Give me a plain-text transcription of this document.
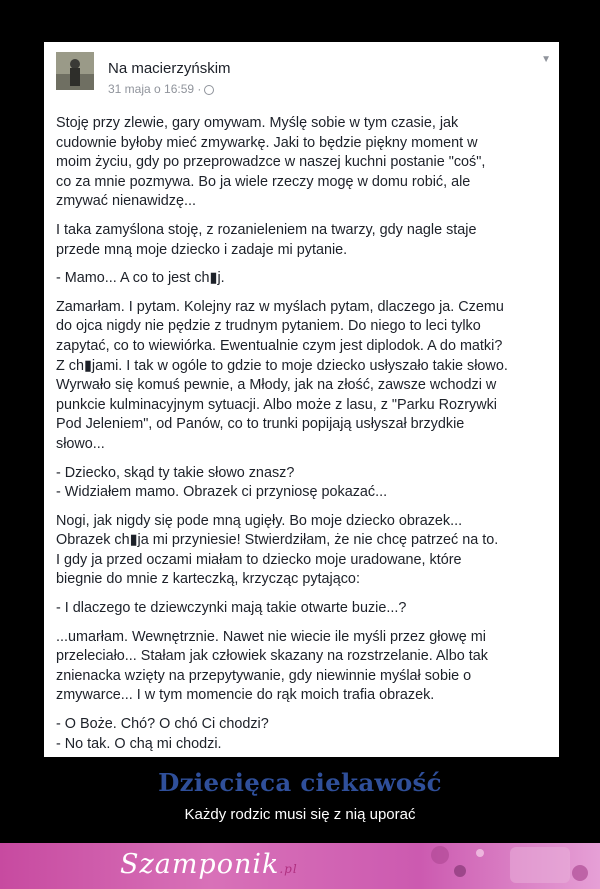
Na macierzyńskim
31 maja o 16:59 ·
▼

Stoję przy zlewie, gary omywam. Myślę sobie w tym czasie, jak
cudownie byłoby mieć zmywarkę. Jaki to będzie piękny moment w
moim życiu, gdy po przeprowadzce w naszej kuchni postanie "coś",
co za mnie pozmywa. Bo ja wiele rzeczy mogę w domu robić, ale
zmywać nienawidzę...

I taka zamyślona stoję, z rozanieleniem na twarzy, gdy nagle staje
przede mną moje dziecko i zadaje mi pytanie.

- Mamo... A co to jest ch▮j.

Zamarłam. I pytam. Kolejny raz w myślach pytam, dlaczego ja. Czemu
do ojca nigdy nie pędzie z trudnym pytaniem. Do niego to leci tylko
zapytać, co to wiewiórka. Ewentualnie czym jest diplodok. A do matki?
Z ch▮jami. I tak w ogóle to gdzie to moje dziecko usłyszało takie słowo.
Wyrwało się komuś pewnie, a Młody, jak na złość, zawsze wchodzi w
punkcie kulminacyjnym sytuacji. Albo może z lasu, z "Parku Rozrywki
Pod Jeleniem", od Panów, co to trunki popijają usłyszał brzydkie
słowo...

- Dziecko, skąd ty takie słowo znasz?
- Widziałem mamo. Obrazek ci przyniosę pokazać...

Nogi, jak nigdy się pode mną ugięły. Bo moje dziecko obrazek...
Obrazek ch▮ja mi przyniesie! Stwierdziłam, że nie chcę patrzeć na to.
I gdy ja przed oczami miałam to dziecko moje uradowane, które
biegnie do mnie z karteczką, krzycząc pytająco:

- I dlaczego te dziewczynki mają takie otwarte buzie...?

...umarłam. Wewnętrznie. Nawet nie wiecie ile myśli przez głowę mi
przeleciało... Stałam jak człowiek skazany na rozstrzelanie. Albo tak
znienacka wzięty na przepytywanie, gdy niewinnie myślał sobie o
zmywarce... I w tym momencie do rąk moich trafia obrazek.

- O Boże. Chó? O chó Ci chodzi?
- No tak. O chą mi chodzi.

Dziecięca ciekawość
Każdy rodzic musi się z nią uporać
Szamponik.pl
